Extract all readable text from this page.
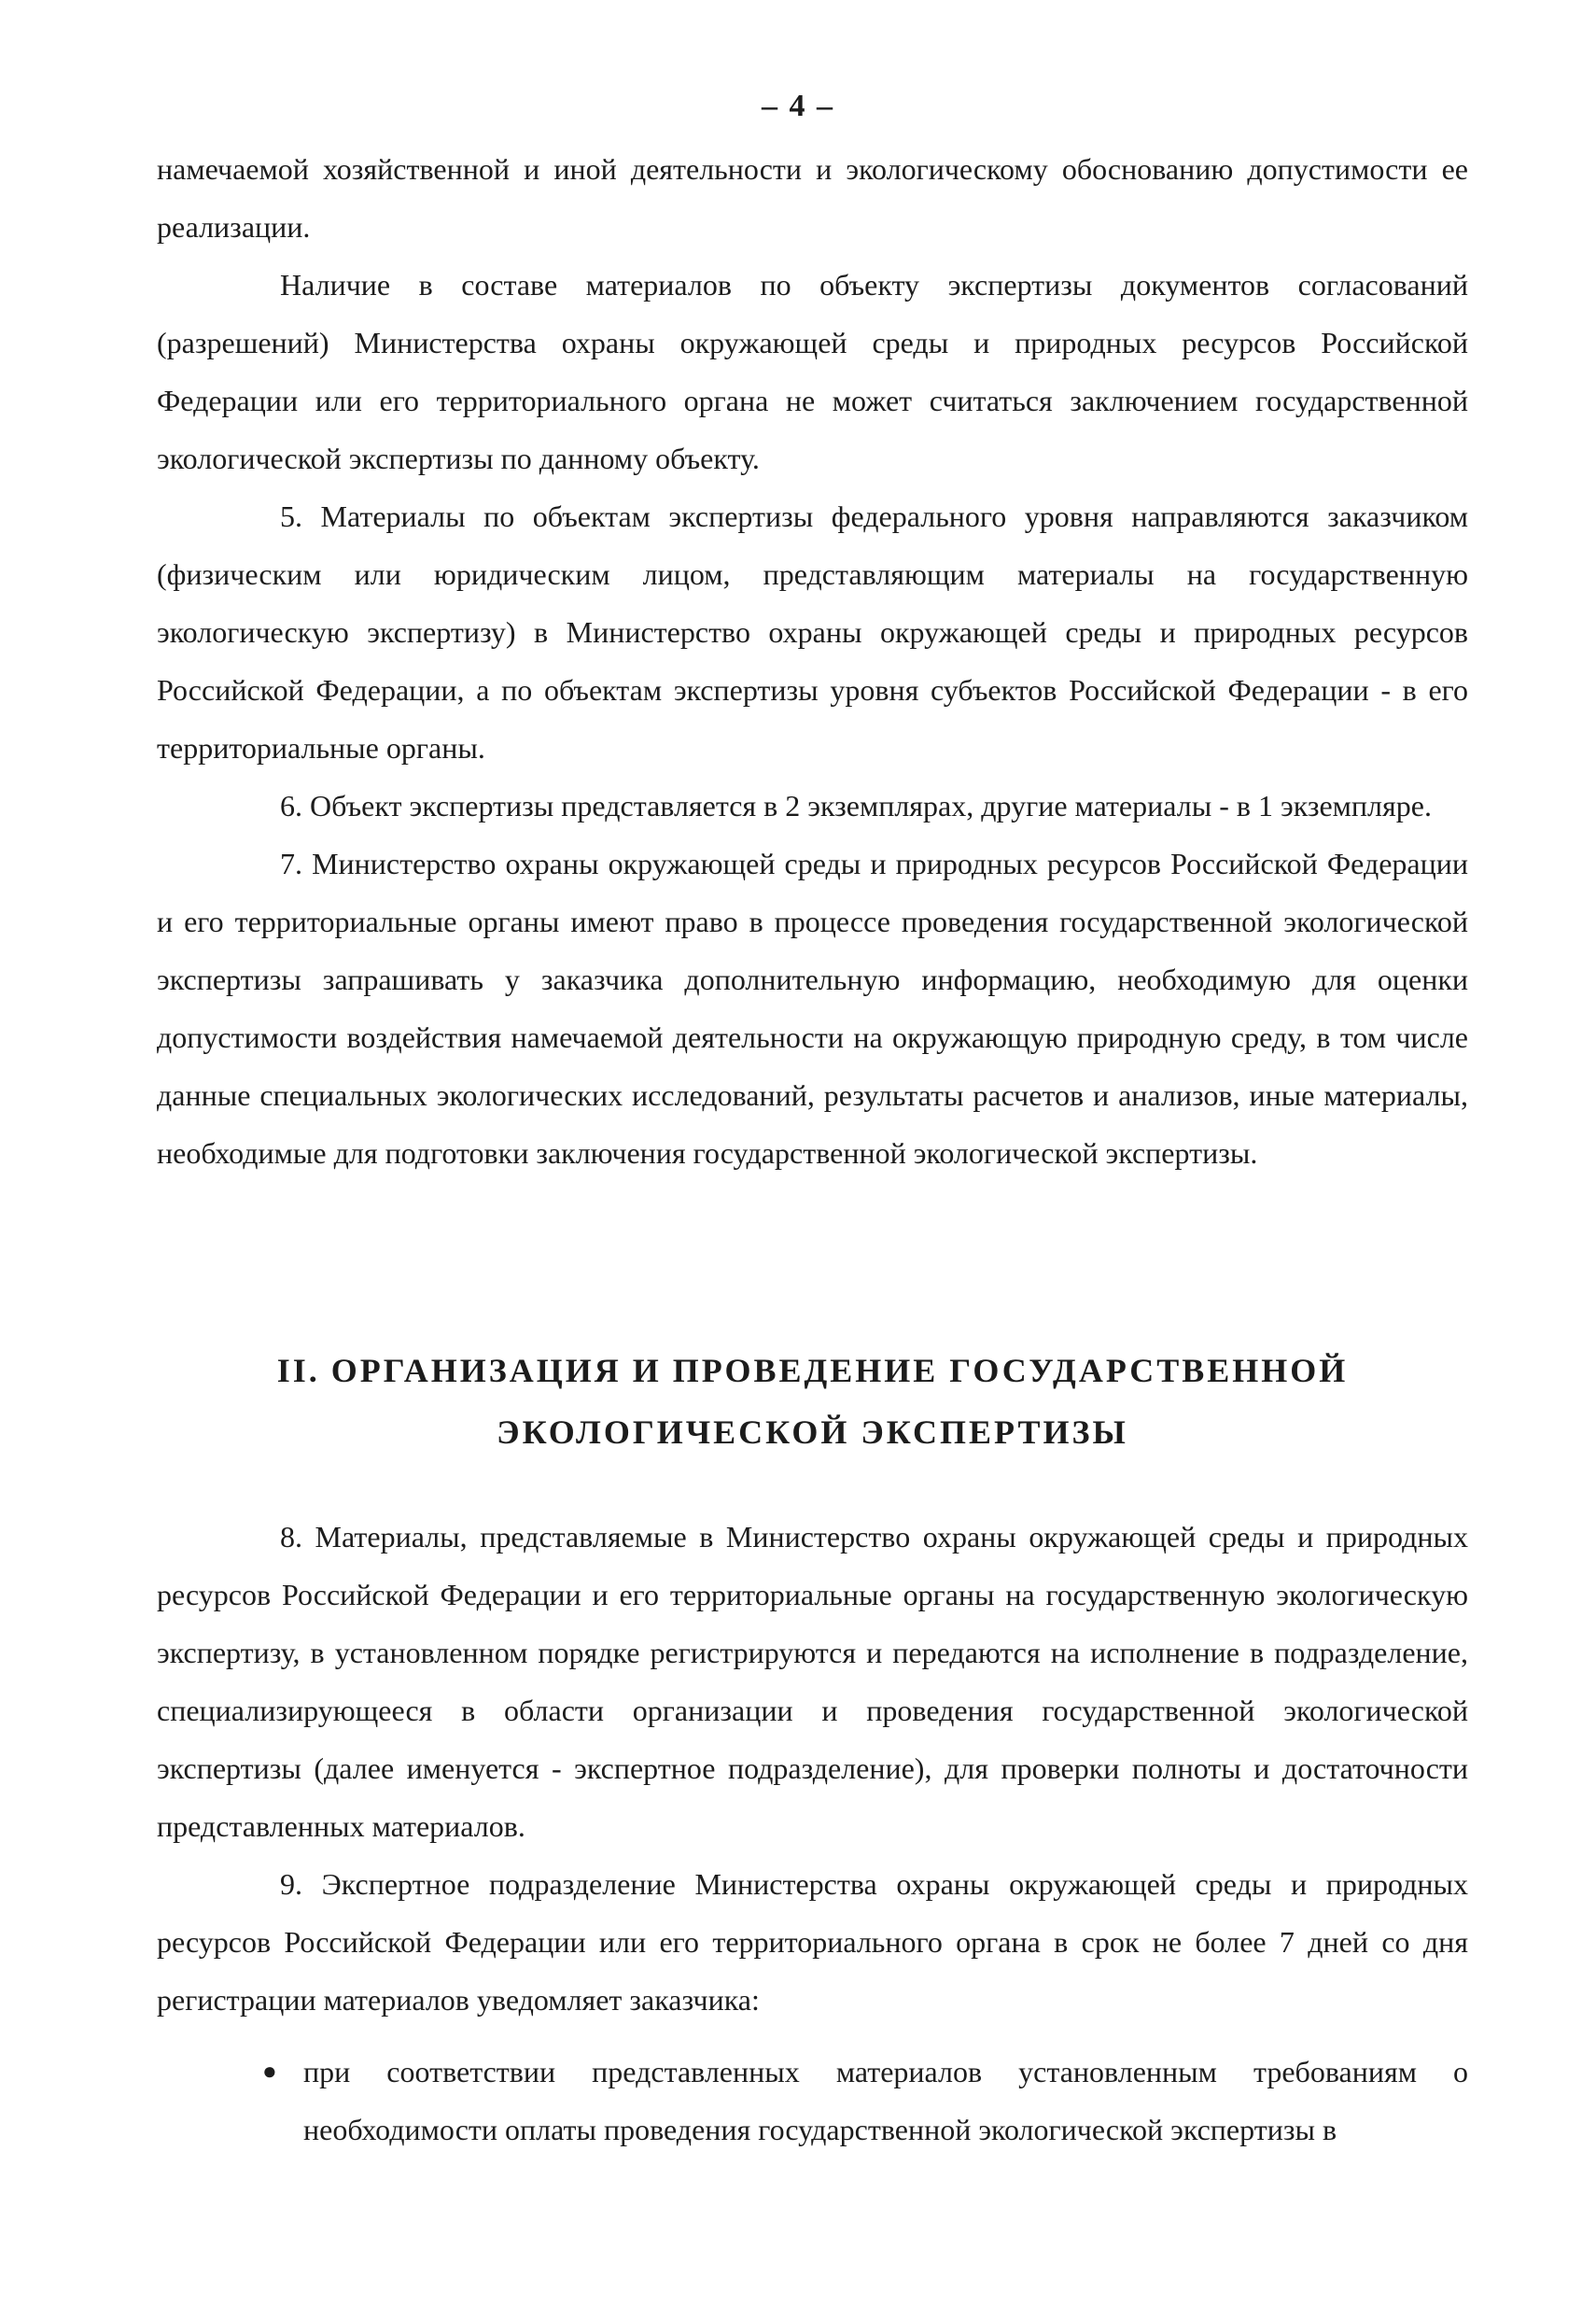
– 4 –

намечаемой хозяйственной и иной деятельности и экологическому обоснованию допустимости ее реализации.

Наличие в составе материалов по объекту экспертизы документов согласований (разрешений) Министерства охраны окружающей среды и природных ресурсов Российской Федерации или его территориального органа не может считаться заключением государственной экологической экспертизы по данному объекту.

5. Материалы по объектам экспертизы федерального уровня направляются заказчиком (физическим или юридическим лицом, представляющим материалы на государственную экологическую экспертизу) в Министерство охраны окружающей среды и природных ресурсов Российской Федерации, а по объектам экспертизы уровня субъектов Российской Федерации - в его территориальные органы.

6. Объект экспертизы представляется в 2 экземплярах, другие материалы - в 1 экземпляре.

7. Министерство охраны окружающей среды и природных ресурсов Российской Федерации и его территориальные органы имеют право в процессе проведения государственной экологической экспертизы запрашивать у заказчика дополнительную информацию, необходимую для оценки допустимости воздействия намечаемой деятельности на окружающую природную среду, в том числе данные специальных экологических исследований, результаты расчетов и анализов, иные материалы, необходимые для подготовки заключения государственной экологической экспертизы.

II. ОРГАНИЗАЦИЯ И ПРОВЕДЕНИЕ ГОСУДАРСТВЕННОЙ
ЭКОЛОГИЧЕСКОЙ ЭКСПЕРТИЗЫ

8. Материалы, представляемые в Министерство охраны окружающей среды и природных ресурсов Российской Федерации и его территориальные органы на государственную экологическую экспертизу, в установленном порядке регистрируются и передаются на исполнение в подразделение, специализирующееся в области организации и проведения государственной экологической экспертизы (далее именуется - экспертное подразделение), для проверки полноты и достаточности представленных материалов.

9. Экспертное подразделение Министерства охраны окружающей среды и природных ресурсов Российской Федерации или его территориального органа в срок не более 7 дней со дня регистрации материалов уведомляет заказчика:

● при соответствии представленных материалов установленным требованиям о необходимости оплаты проведения государственной экологической экспертизы в
